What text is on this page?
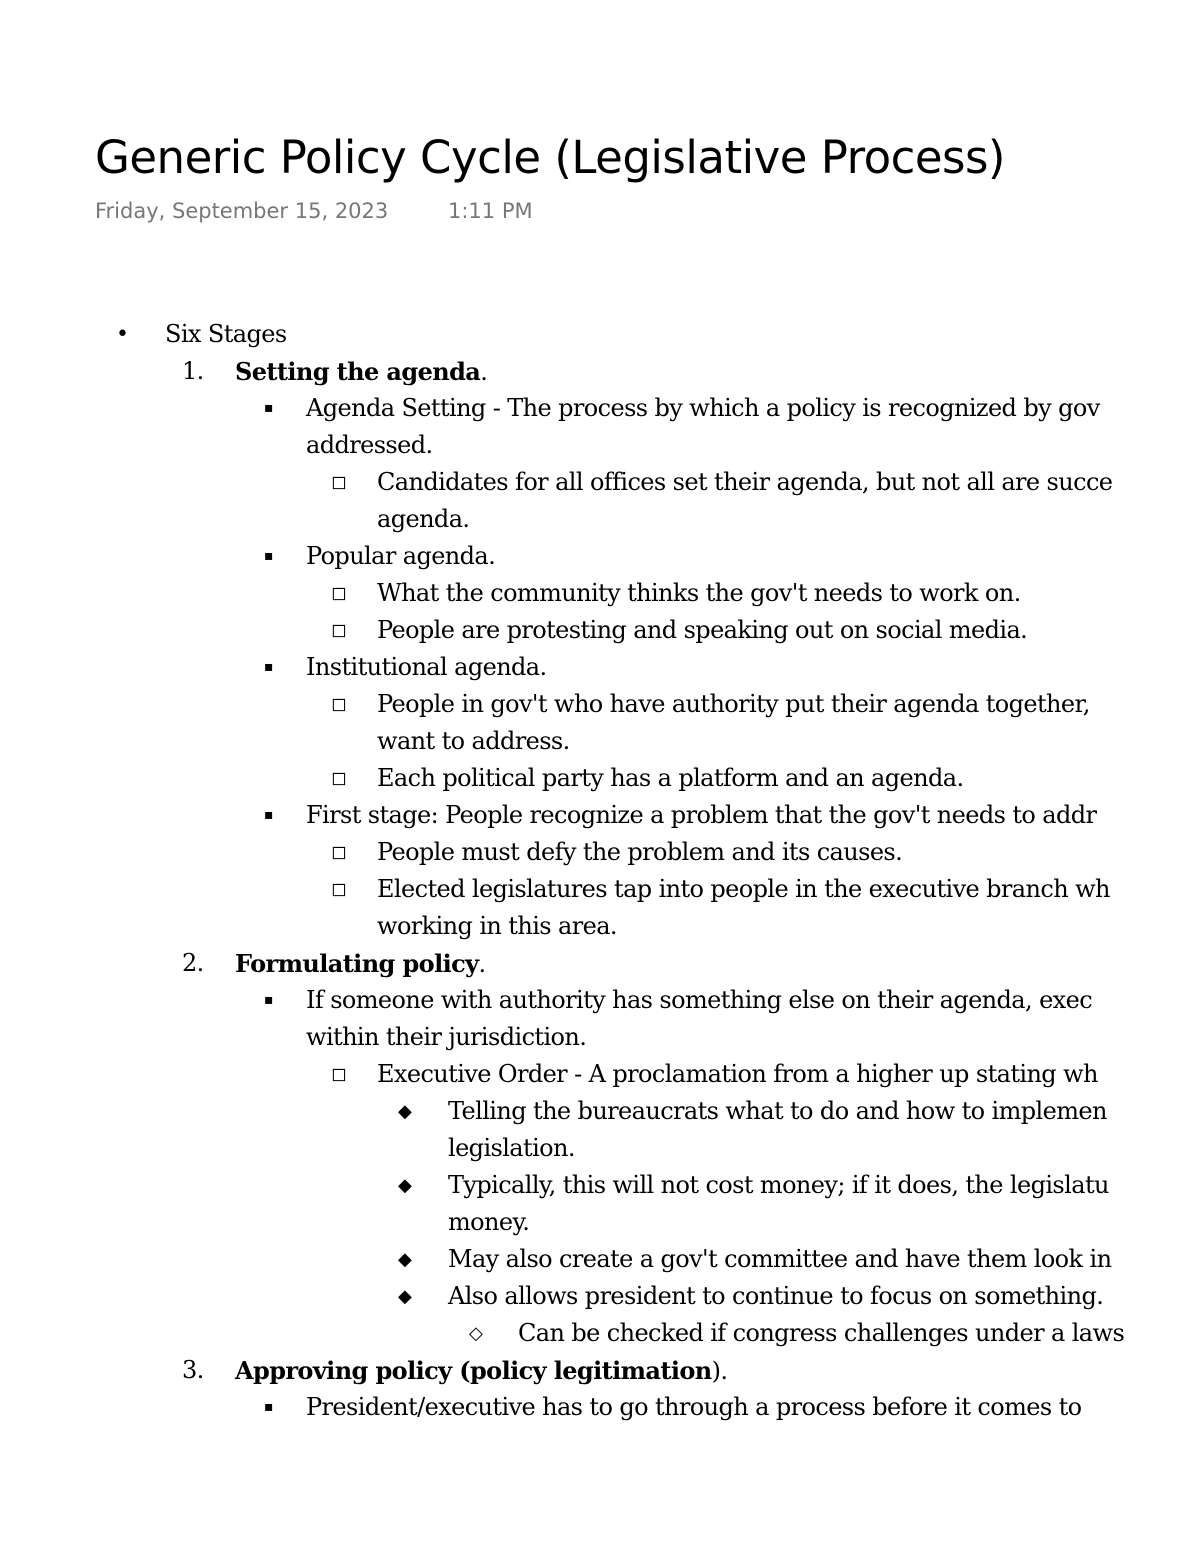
Generic Policy Cycle (Legislative Process)
Friday, September 15, 2023	1:11 PM
• Six Stages
1. Setting the agenda.
▪ Agenda Setting - The process by which a policy is recognized by gov
addressed.
◻ Candidates for all offices set their agenda, but not all are succe
agenda.
▪ Popular agenda.
◻ What the community thinks the gov't needs to work on.
◻ People are protesting and speaking out on social media.
▪ Institutional agenda.
◻ People in gov't who have authority put their agenda together,
want to address.
◻ Each political party has a platform and an agenda.
▪ First stage: People recognize a problem that the gov't needs to addr
◻ People must defy the problem and its causes.
◻ Elected legislatures tap into people in the executive branch wh
working in this area.
2. Formulating policy.
▪ If someone with authority has something else on their agenda, exec
within their jurisdiction.
◻ Executive Order - A proclamation from a higher up stating wh
◆ Telling the bureaucrats what to do and how to implemen
legislation.
◆ Typically, this will not cost money; if it does, the legislatu
money.
◆ May also create a gov't committee and have them look in
◆ Also allows president to continue to focus on something.
◇ Can be checked if congress challenges under a laws
3. Approving policy (policy legitimation).
▪ President/executive has to go through a process before it comes to
